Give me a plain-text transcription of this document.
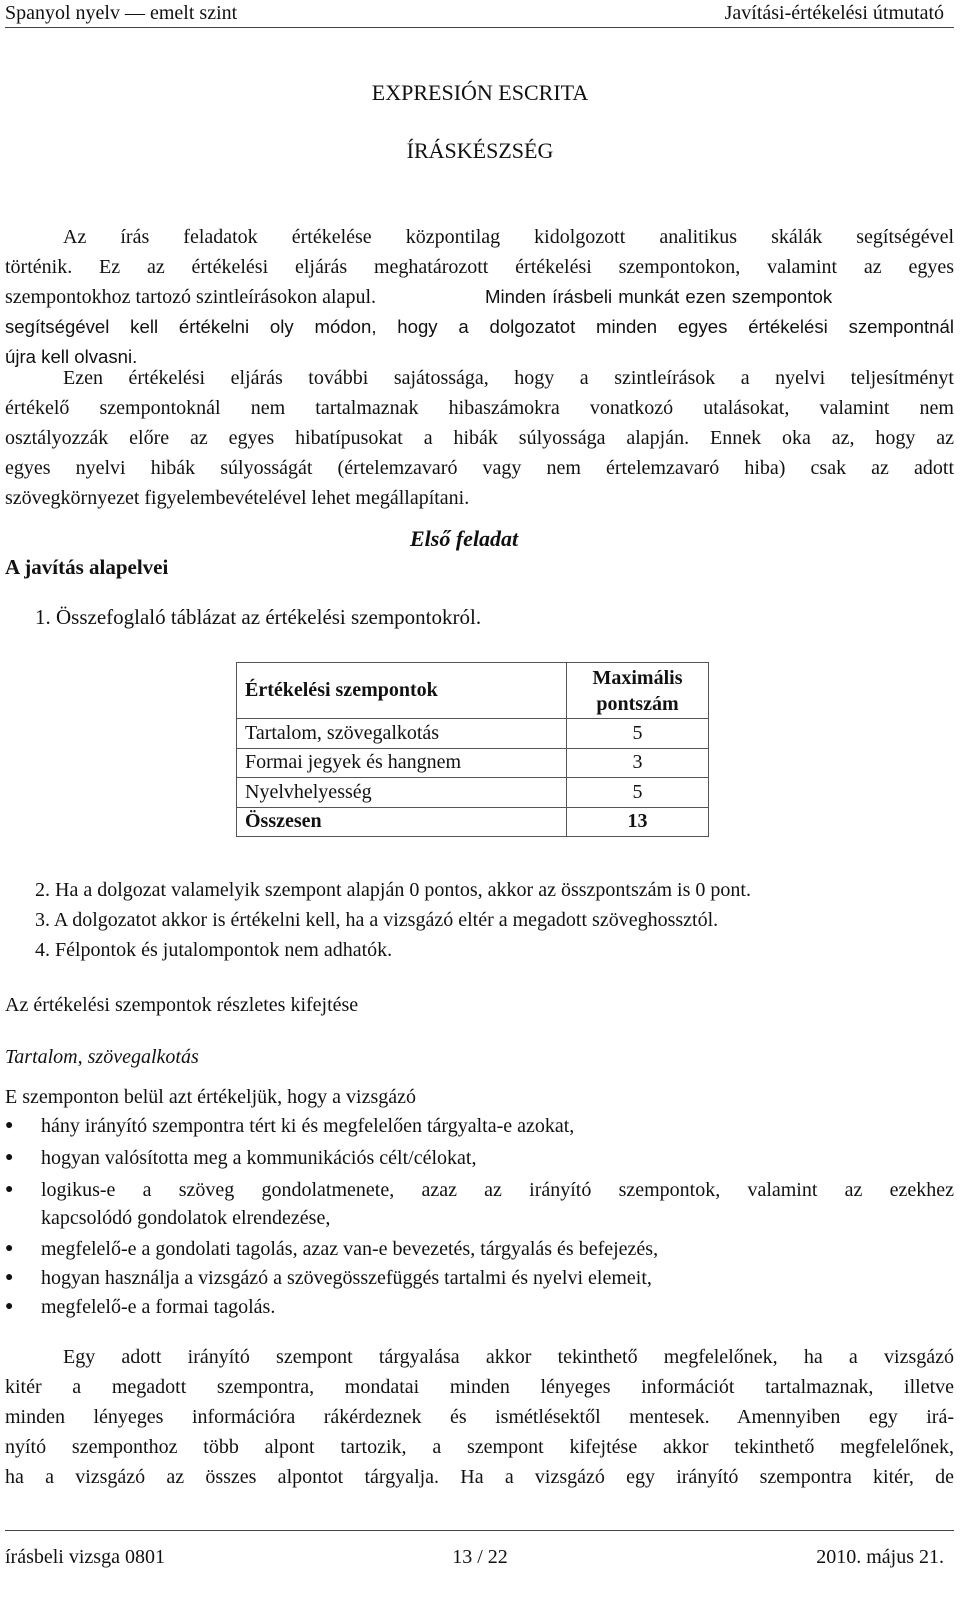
Spanyol nyelv — emelt szint	Javítási-értékelési útmutató
EXPRESIÓN ESCRITA
ÍRÁSKÉSZSÉG
Az írás feladatok értékelése központilag kidolgozott analitikus skálák segítségével
történik. Ez az értékelési eljárás meghatározott értékelési szempontokon, valamint az egyes
szempontokhoz tartozó szintleírásokon alapul.	Minden írásbeli munkát ezen szempontok
segítségével kell értékelni oly módon, hogy a dolgozatot minden egyes értékelési szempontnál
újra kell olvasni.
Ezen értékelési eljárás további sajátossága, hogy a szintleírások a nyelvi teljesítményt
értékelő szempontoknál nem tartalmaznak hibaszámokra vonatkozó utalásokat, valamint nem
osztályozzák előre az egyes hibatípusokat a hibák súlyossága alapján. Ennek oka az, hogy az
egyes nyelvi hibák súlyosságát (értelemzavaró vagy nem értelemzavaró hiba) csak az adott
szövegkörnyezet figyelembevételével lehet megállapítani.
Első feladat
A javítás alapelvei
1. Összefoglaló táblázat az értékelési szempontokról.
Értékelési szempontok	Maximális
pontszám

Tartalom, szövegalkotás	5
Formai jegyek és hangnem	3
Nyelvhelyesség	5
Összesen	13
2. Ha a dolgozat valamelyik szempont alapján 0 pontos, akkor az összpontszám is 0 pont.
3. A dolgozatot akkor is értékelni kell, ha a vizsgázó eltér a megadott szöveghossztól.
4. Félpontok és jutalompontok nem adhatók.
Az értékelési szempontok részletes kifejtése
Tartalom, szövegalkotás
E szemponton belül azt értékeljük, hogy a vizsgázó
● hány irányító szempontra tért ki és megfelelően tárgyalta-e azokat,
● hogyan valósította meg a kommunikációs célt/célokat,
● logikus-e a szöveg gondolatmenete, azaz az irányító szempontok, valamint az ezekhez
kapcsolódó gondolatok elrendezése,
● megfelelő-e a gondolati tagolás, azaz van-e bevezetés, tárgyalás és befejezés,
● hogyan használja a vizsgázó a szövegösszefüggés tartalmi és nyelvi elemeit,
● megfelelő-e a formai tagolás.
Egy adott irányító szempont tárgyalása akkor tekinthető megfelelőnek, ha a vizsgázó
kitér a megadott szempontra, mondatai minden lényeges információt tartalmaznak, illetve
minden lényeges információra rákérdeznek és ismétlésektől mentesek. Amennyiben egy irá-
nyító szemponthoz több alpont tartozik, a szempont kifejtése akkor tekinthető megfelelőnek,
ha a vizsgázó az összes alpontot tárgyalja. Ha a vizsgázó egy irányító szempontra kitér, de
írásbeli vizsga 0801	13 / 22	2010. május 21.
